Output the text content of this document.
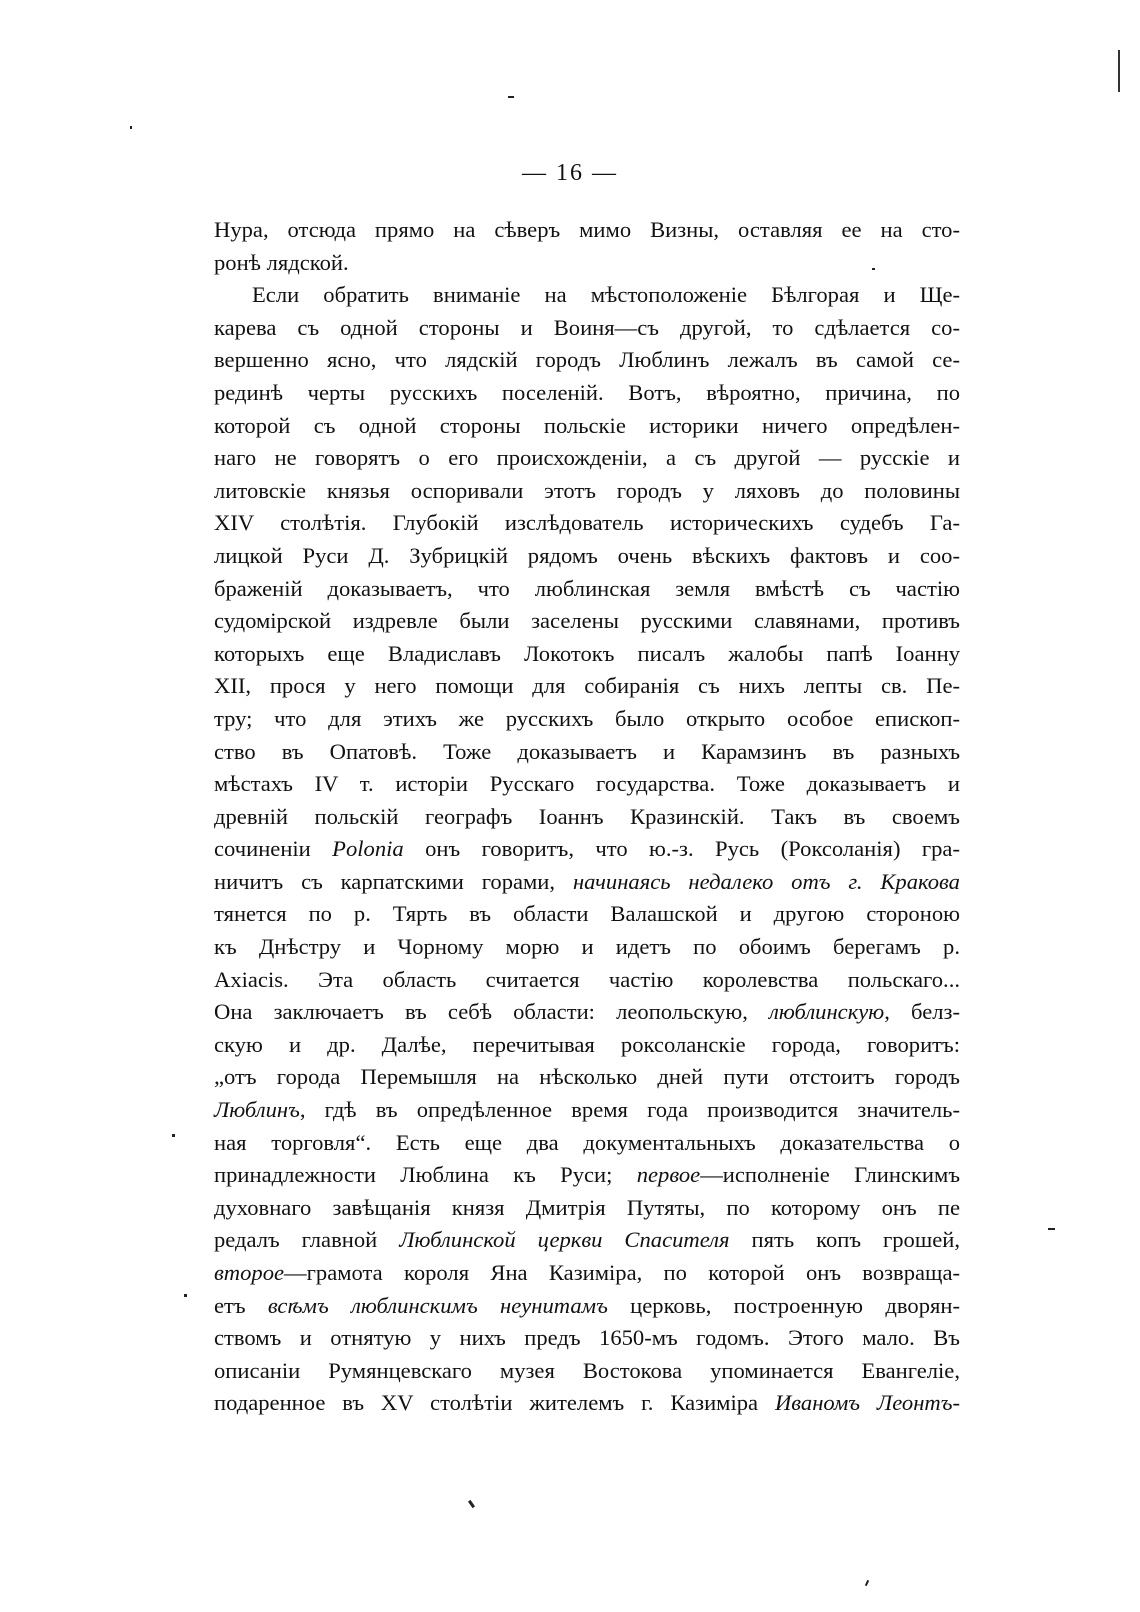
— 16 —
Нура, отсюда прямо на сѣверъ мимо Визны, оставляя ее на сто-
ронѣ лядской.
Если обратить вниманіе на мѣстоположеніе Бѣлгорая и Ще-
карева съ одной стороны и Воиня—съ другой, то сдѣлается со-
вершенно ясно, что лядскій городъ Люблинъ лежалъ въ самой се-
рединѣ черты русскихъ поселеній. Вотъ, вѣроятно, причина, по
которой съ одной стороны польскіе историки ничего опредѣлен-
наго не говорятъ о его происхожденіи, а съ другой — русскіе и
литовскіе князья оспоривали этотъ городъ у ляховъ до половины
XIV столѣтія. Глубокій изслѣдователь историческихъ судебъ Га-
лицкой Руси Д. Зубрицкій рядомъ очень вѣскихъ фактовъ и соо-
браженій доказываетъ, что люблинская земля вмѣстѣ съ частію
судомірской издревле были заселены русскими славянами, противъ
которыхъ еще Владиславъ Локотокъ писалъ жалобы папѣ Іоанну
XII, прося у него помощи для собиранія съ нихъ лепты св. Пе-
тру; что для этихъ же русскихъ было открыто особое епископ-
ство въ Опатовѣ. Тоже доказываетъ и Карамзинъ въ разныхъ
мѣстахъ IV т. исторіи Русскаго государства. Тоже доказываетъ и
древній польскій географъ Іоаннъ Кразинскій. Такъ въ своемъ
сочиненіи Polonia онъ говоритъ, что ю.-з. Русь (Роксоланія) гра-
ничитъ съ карпатскими горами, начинаясь недалеко отъ г. Кракова
тянется по р. Тярть въ области Валашской и другою стороною
къ Днѣстру и Чорному морю и идетъ по обоимъ берегамъ р.
Axiacis. Эта область считается частію королевства польскаго...
Она заключаетъ въ себѣ области: леопольскую, люблинскую, белз-
скую и др. Далѣе, перечитывая роксоланскіе города, говоритъ:
„отъ города Перемышля на нѣсколько дней пути отстоитъ городъ
Люблинъ, гдѣ въ опредѣленное время года производится значитель-
ная торговля“. Есть еще два документальныхъ доказательства о
принадлежности Люблина къ Руси; первое—исполненіе Глинскимъ
духовнаго завѣщанія князя Дмитрія Путяты, по которому онъ пе
редалъ главной Люблинской церкви Спасителя пять копъ грошей,
второе—грамота короля Яна Казиміра, по которой онъ возвраща-
етъ всѣмъ люблинскимъ неунитамъ церковь, построенную дворян-
ствомъ и отнятую у нихъ предъ 1650-мъ годомъ. Этого мало. Въ
описаніи Румянцевскаго музея Востокова упоминается Евангеліе,
подаренное въ XV столѣтіи жителемъ г. Казиміра Иваномъ Леонтъ-
